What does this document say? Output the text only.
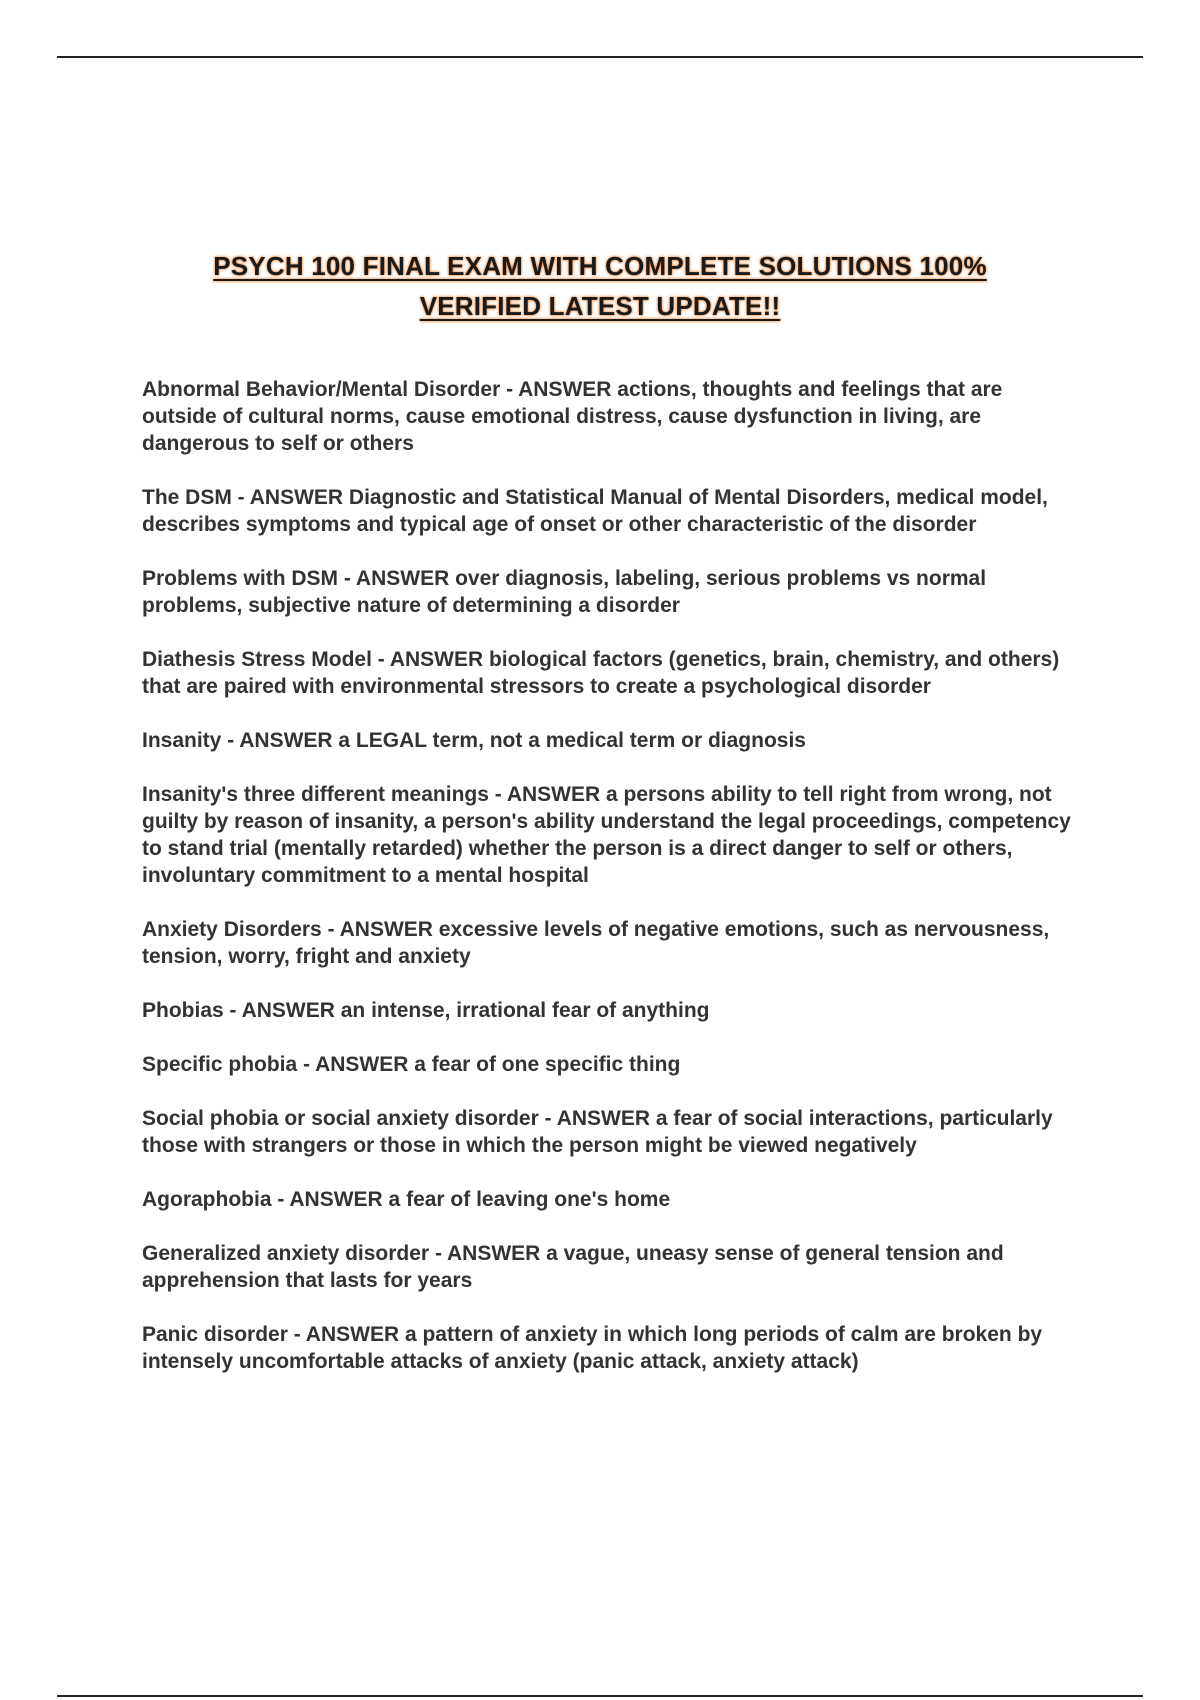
PSYCH 100 FINAL EXAM WITH COMPLETE SOLUTIONS 100%
VERIFIED LATEST UPDATE!!

Abnormal Behavior/Mental Disorder - ANSWER actions, thoughts and feelings that are outside of cultural norms, cause emotional distress, cause dysfunction in living, are dangerous to self or others

The DSM - ANSWER Diagnostic and Statistical Manual of Mental Disorders, medical model, describes symptoms and typical age of onset or other characteristic of the disorder

Problems with DSM - ANSWER over diagnosis, labeling, serious problems vs normal problems, subjective nature of determining a disorder

Diathesis Stress Model - ANSWER biological factors (genetics, brain, chemistry, and others) that are paired with environmental stressors to create a psychological disorder

Insanity - ANSWER a LEGAL term, not a medical term or diagnosis

Insanity's three different meanings - ANSWER a persons ability to tell right from wrong, not guilty by reason of insanity, a person's ability understand the legal proceedings, competency to stand trial (mentally retarded) whether the person is a direct danger to self or others, involuntary commitment to a mental hospital

Anxiety Disorders - ANSWER excessive levels of negative emotions, such as nervousness, tension, worry, fright and anxiety

Phobias - ANSWER an intense, irrational fear of anything

Specific phobia - ANSWER a fear of one specific thing

Social phobia or social anxiety disorder - ANSWER a fear of social interactions, particularly those with strangers or those in which the person might be viewed negatively

Agoraphobia - ANSWER a fear of leaving one's home

Generalized anxiety disorder - ANSWER a vague, uneasy sense of general tension and apprehension that lasts for years

Panic disorder - ANSWER a pattern of anxiety in which long periods of calm are broken by intensely uncomfortable attacks of anxiety (panic attack, anxiety attack)
